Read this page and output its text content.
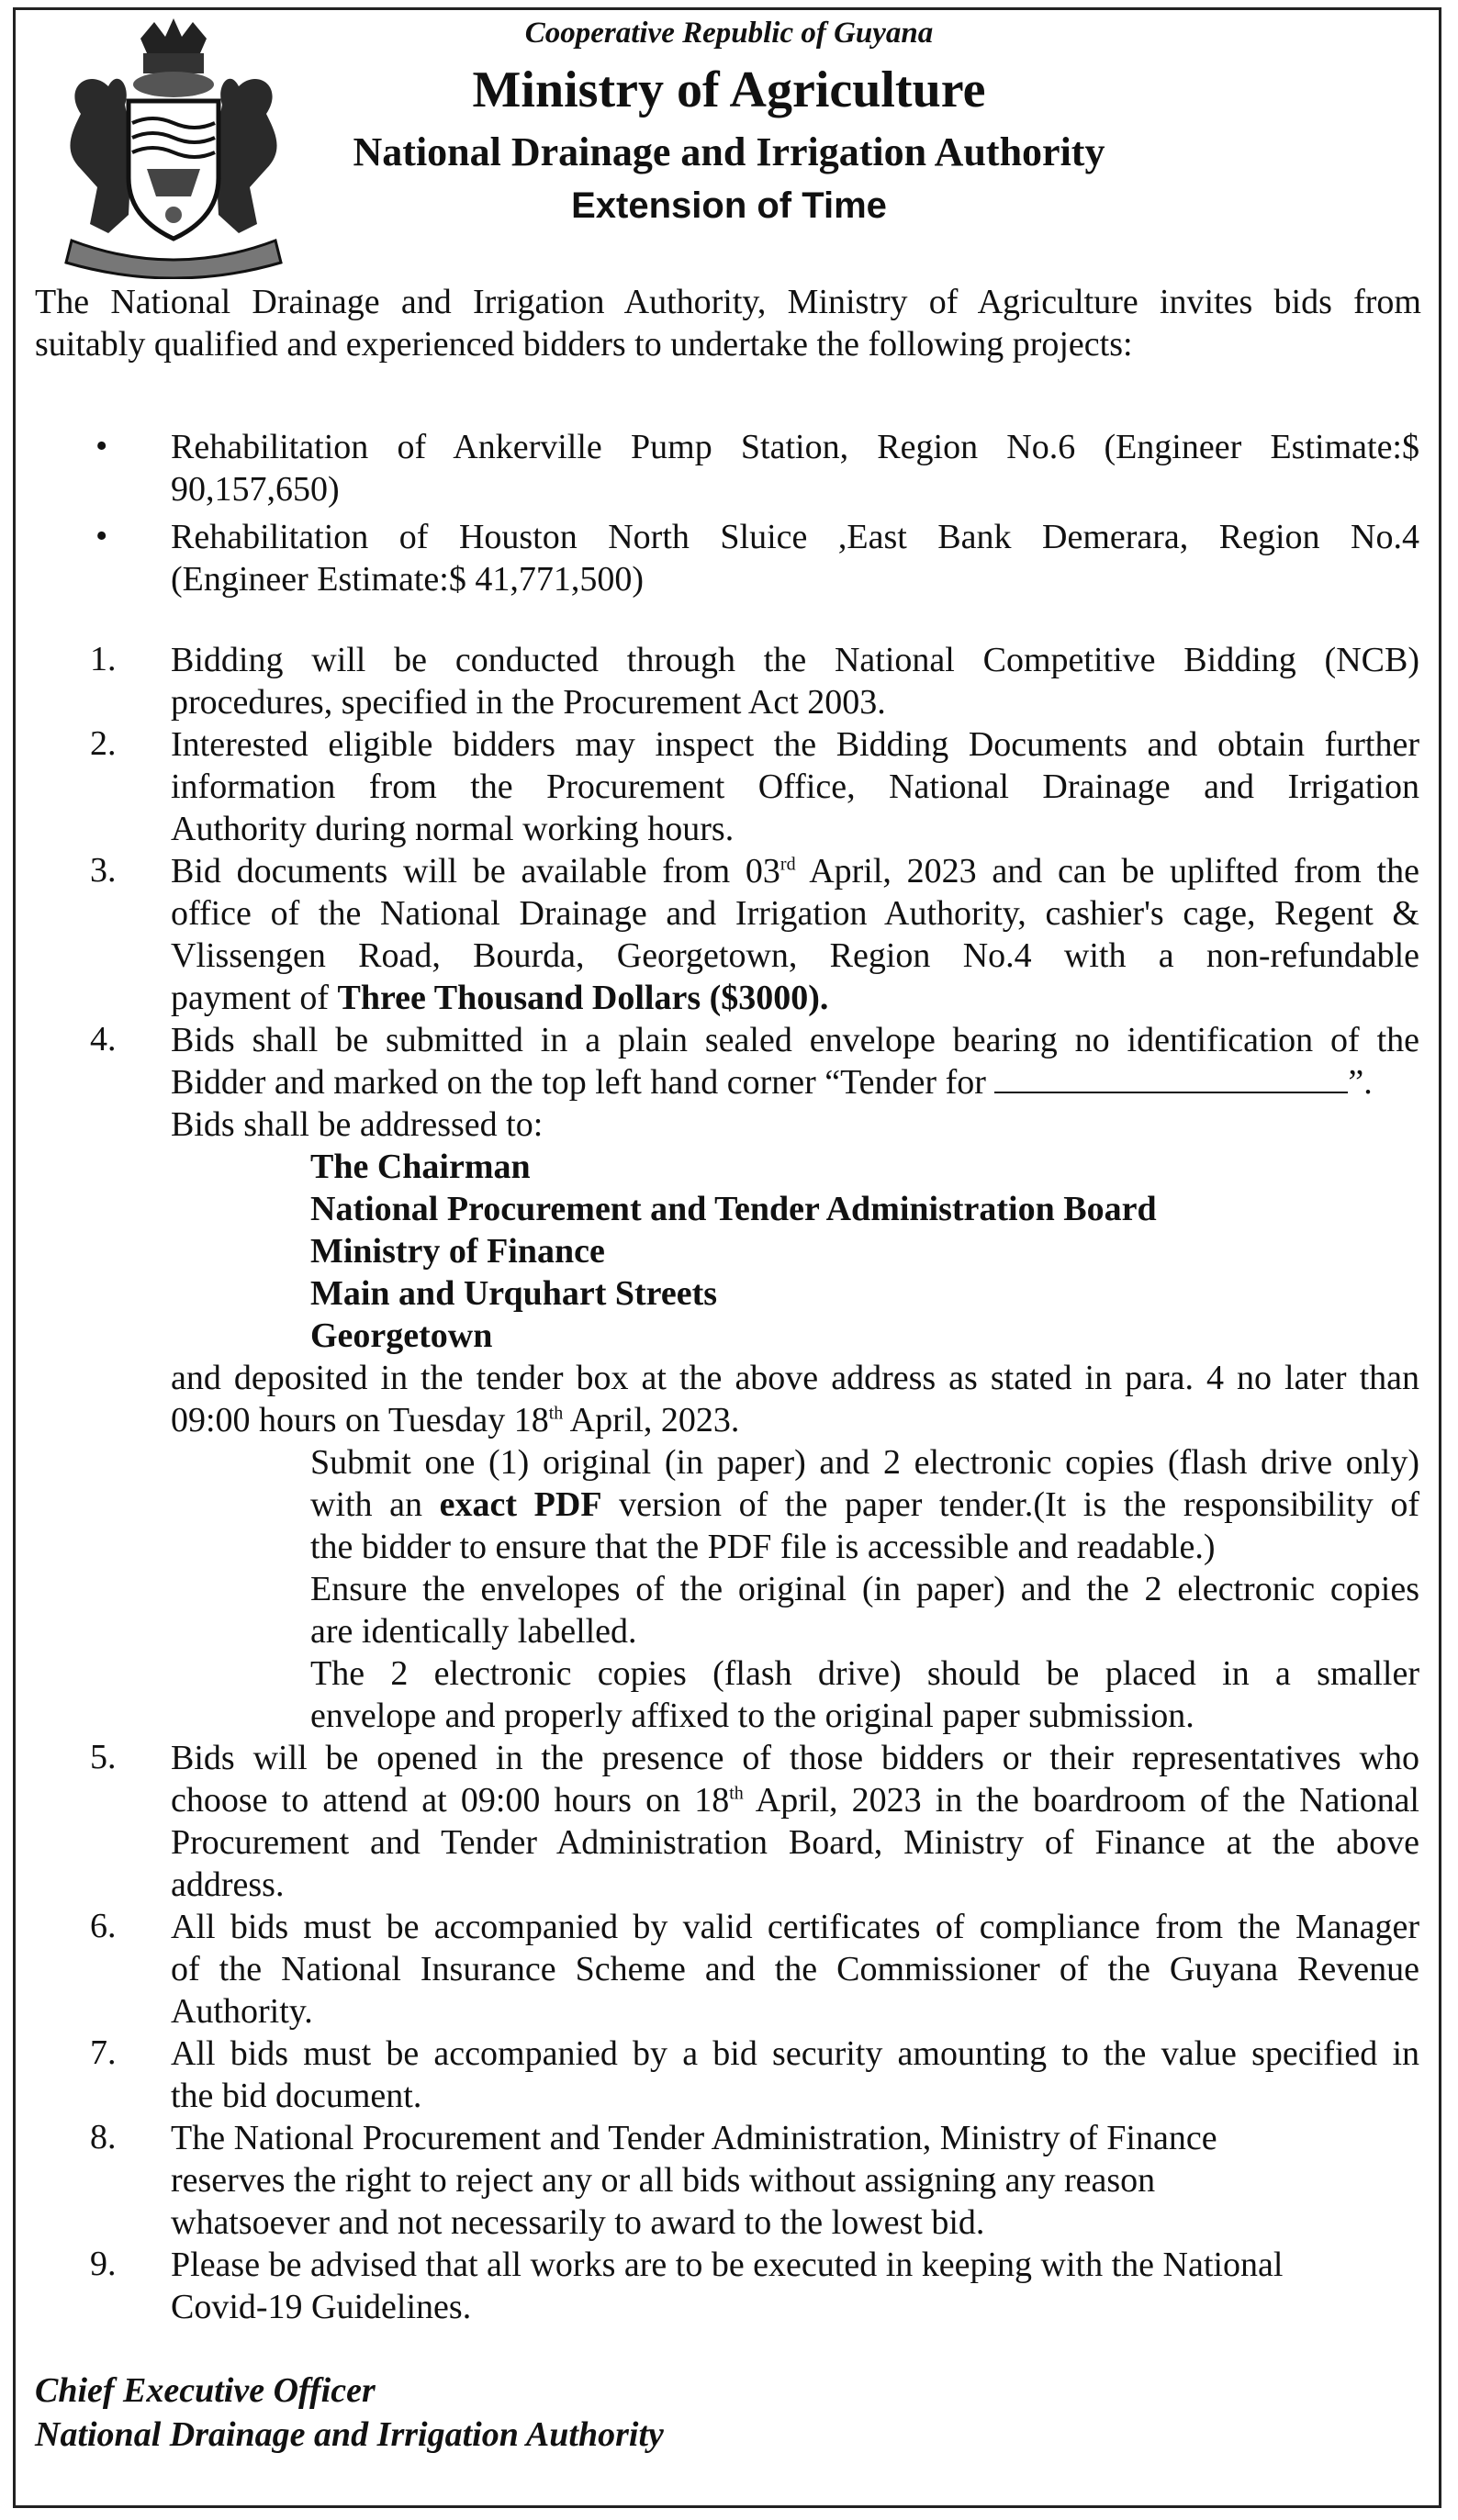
Cooperative Republic of Guyana
Ministry of Agriculture
National Drainage and Irrigation Authority
Extension of Time
The National Drainage and Irrigation Authority, Ministry of Agriculture invites bids from
suitably qualified and experienced bidders to undertake the following projects:
• Rehabilitation of Ankerville Pump Station, Region No.6 (Engineer Estimate:$
90,157,650)
• Rehabilitation of Houston North Sluice ,East Bank Demerara, Region No.4
(Engineer Estimate:$ 41,771,500)
1. Bidding will be conducted through the National Competitive Bidding (NCB)
procedures, specified in the Procurement Act 2003.
2. Interested eligible bidders may inspect the Bidding Documents and obtain further
information from the Procurement Office, National Drainage and Irrigation
Authority during normal working hours.
3. Bid documents will be available from 03rd April, 2023 and can be uplifted from the
office of the National Drainage and Irrigation Authority, cashier's cage, Regent &
Vlissengen Road, Bourda, Georgetown, Region No.4 with a non-refundable
payment of Three Thousand Dollars ($3000).
4. Bids shall be submitted in a plain sealed envelope bearing no identification of the
Bidder and marked on the top left hand corner “Tender for	”.
Bids shall be addressed to:
The Chairman
National Procurement and Tender Administration Board
Ministry of Finance
Main and Urquhart Streets
Georgetown
and deposited in the tender box at the above address as stated in para. 4 no later than
09:00 hours on Tuesday 18th April, 2023.
Submit one (1) original (in paper) and 2 electronic copies (flash drive only)
with an exact PDF version of the paper tender.(It is the responsibility of
the bidder to ensure that the PDF file is accessible and readable.)
Ensure the envelopes of the original (in paper) and the 2 electronic copies
are identically labelled.
The 2 electronic copies (flash drive) should be placed in a smaller
envelope and properly affixed to the original paper submission.
5. Bids will be opened in the presence of those bidders or their representatives who
choose to attend at 09:00 hours on 18th April, 2023 in the boardroom of the National
Procurement and Tender Administration Board, Ministry of Finance at the above
address.
6. All bids must be accompanied by valid certificates of compliance from the Manager
of the National Insurance Scheme and the Commissioner of the Guyana Revenue
Authority.
7. All bids must be accompanied by a bid security amounting to the value specified in
the bid document.
8. The National Procurement and Tender Administration, Ministry of Finance
reserves the right to reject any or all bids without assigning any reason
whatsoever and not necessarily to award to the lowest bid.
9. Please be advised that all works are to be executed in keeping with the National
Covid-19 Guidelines.
Chief Executive Officer
National Drainage and Irrigation Authority
